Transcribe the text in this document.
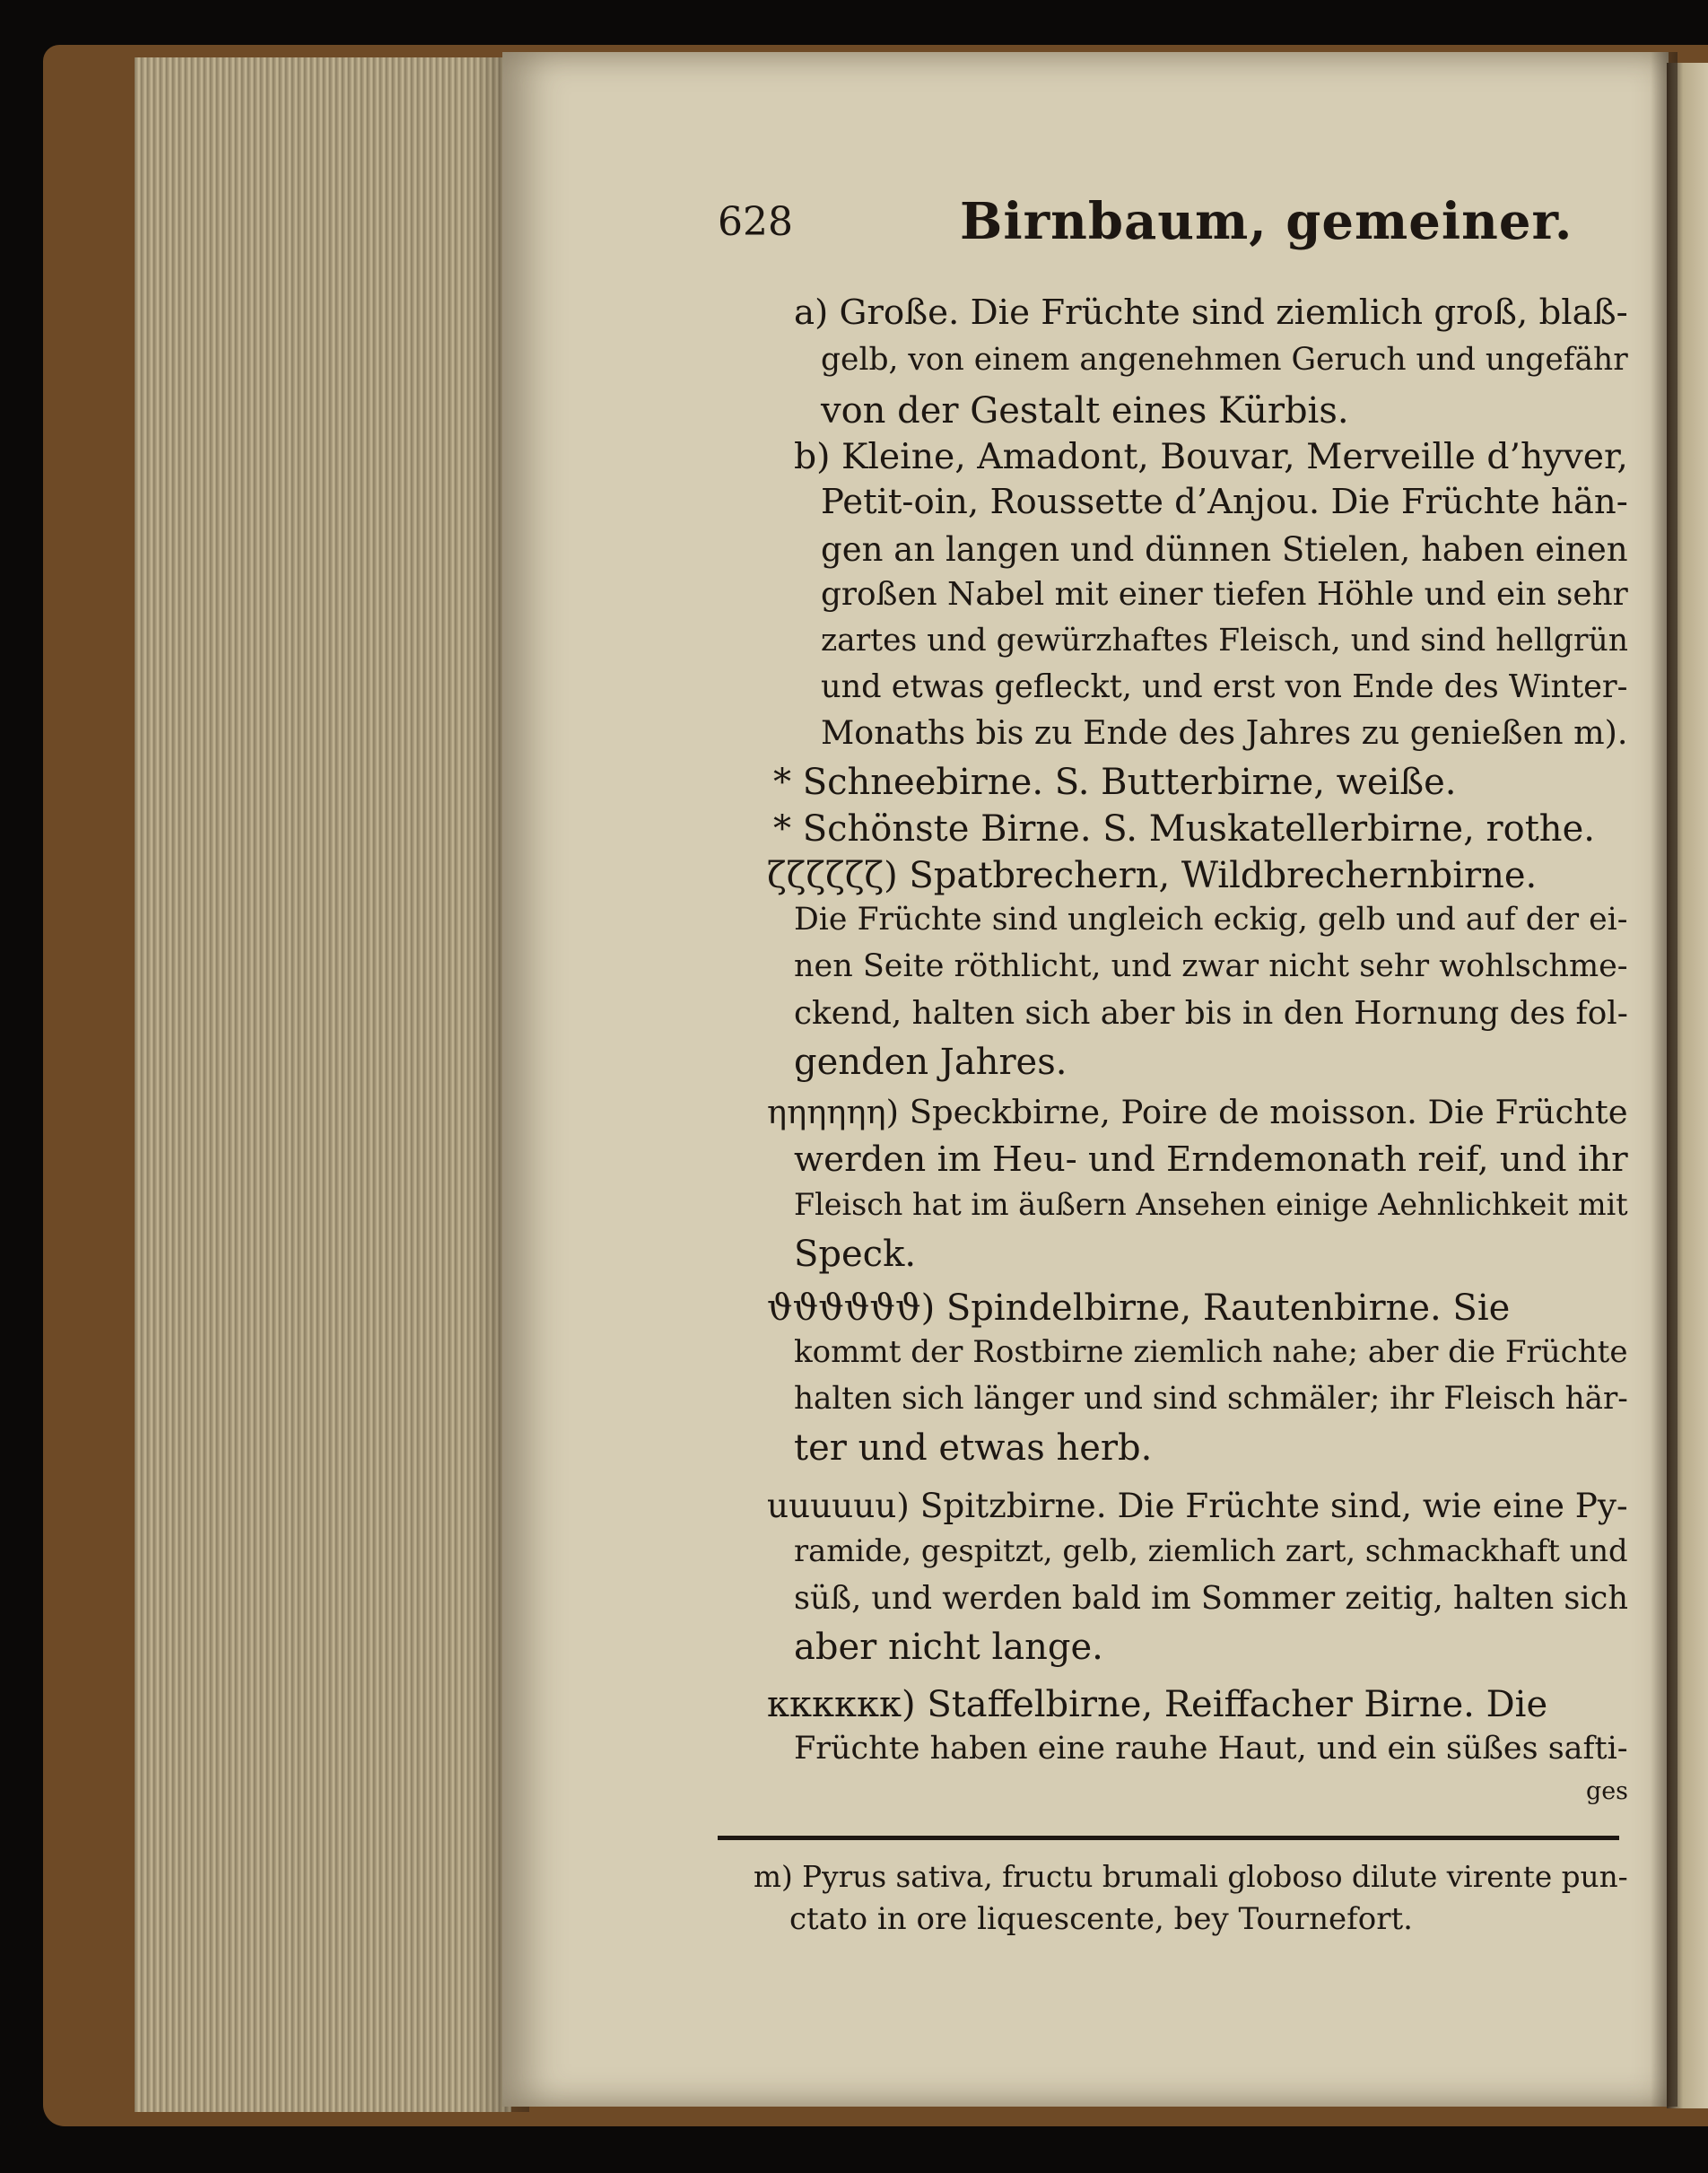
628	Birnbaum, gemeiner.
a) Große. Die Früchte sind ziemlich groß, blaß-
gelb, von einem angenehmen Geruch und ungefähr
von der Gestalt eines Kürbis.
b) Kleine, Amadont, Bouvar, Merveille d’hyver,
Petit-oin, Roussette d’Anjou. Die Früchte hän-
gen an langen und dünnen Stielen, haben einen
großen Nabel mit einer tiefen Höhle und ein sehr
zartes und gewürzhaftes Fleisch, und sind hellgrün
und etwas gefleckt, und erst von Ende des Winter-
Monaths bis zu Ende des Jahres zu genießen m).
* Schneebirne. S. Butterbirne, weiße.
* Schönste Birne. S. Muskatellerbirne, rothe.
ζζζζζζ) Spatbrechern, Wildbrechernbirne.
Die Früchte sind ungleich eckig, gelb und auf der ei-
nen Seite röthlicht, und zwar nicht sehr wohlschme-
ckend, halten sich aber bis in den Hornung des fol-
genden Jahres.
ηηηηηη) Speckbirne, Poire de moisson. Die Früchte
werden im Heu- und Erndemonath reif, und ihr
Fleisch hat im äußern Ansehen einige Aehnlichkeit mit
Speck.
ϑϑϑϑϑϑ) Spindelbirne, Rautenbirne. Sie
kommt der Rostbirne ziemlich nahe; aber die Früchte
halten sich länger und sind schmäler; ihr Fleisch här-
ter und etwas herb.
uuuuuu) Spitzbirne. Die Früchte sind, wie eine Py-
ramide, gespitzt, gelb, ziemlich zart, schmackhaft und
süß, und werden bald im Sommer zeitig, halten sich
aber nicht lange.
κκκκκκ) Staffelbirne, Reiffacher Birne. Die
Früchte haben eine rauhe Haut, und ein süßes safti-
ges
m) Pyrus sativa, fructu brumali globoso dilute virente pun-
ctato in ore liquescente, bey Tournefort.
